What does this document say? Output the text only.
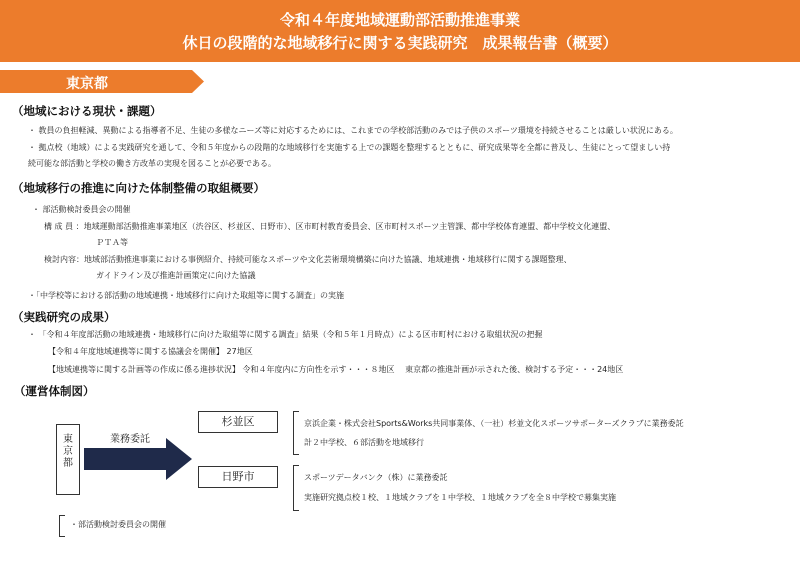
令和４年度地域運動部活動推進事業
休日の段階的な地域移行に関する実践研究　成果報告書（概要）
東京都
（地域における現状・課題）
・ 教員の負担軽減、異動による指導者不足、生徒の多様なニーズ等に対応するためには、これまでの学校部活動のみでは子供のスポーツ環境を持続させることは厳しい状況にある。
・ 拠点校（地域）による実践研究を通して、令和５年度からの段階的な地域移行を実施する上での課題を整理するとともに、研究成果等を全都に普及し、生徒にとって望ましい持
続可能な部活動と学校の働き方改革の実現を図ることが必要である。
（地域移行の推進に向けた体制整備の取組概要）
・ 部活動検討委員会の開催
構 成 員 ：地域運動部活動推進事業地区（渋谷区、杉並区、日野市）、区市町村教育委員会、区市町村スポーツ主管課、都中学校体育連盟、都中学校文化連盟、
ＰＴＡ等
検討内容：地域部活動推進事業における事例紹介、持続可能なスポーツや文化芸術環境構築に向けた協議、地域連携・地域移行に関する課題整理、
ガイドライン及び推進計画策定に向けた協議
・「中学校等における部活動の地域連携・地域移行に向けた取組等に関する調査」の実施
（実践研究の成果）
・ 「令和４年度部活動の地域連携・地域移行に向けた取組等に関する調査」結果（令和５年１月時点）による区市町村における取組状況の把握
【令和４年度地域連携等に関する協議会を開催】 27地区
【地域連携等に関する計画等の作成に係る進捗状況】 令和４年度内に方向性を示す・・・８地区　 東京都の推進計画が示された後、検討する予定・・・24地区
（運営体制図）
東
京
都
業務委託
杉並区	京浜企業・株式会社Sports&Works共同事業体、（一社）杉並文化スポーツサポーターズクラブに業務委託
計２中学校、６部活動を地域移行
日野市	スポーツデータバンク（株）に業務委託
実施研究拠点校１校、１地域クラブを１中学校、１地域クラブを全８中学校で募集実施
・部活動検討委員会の開催
